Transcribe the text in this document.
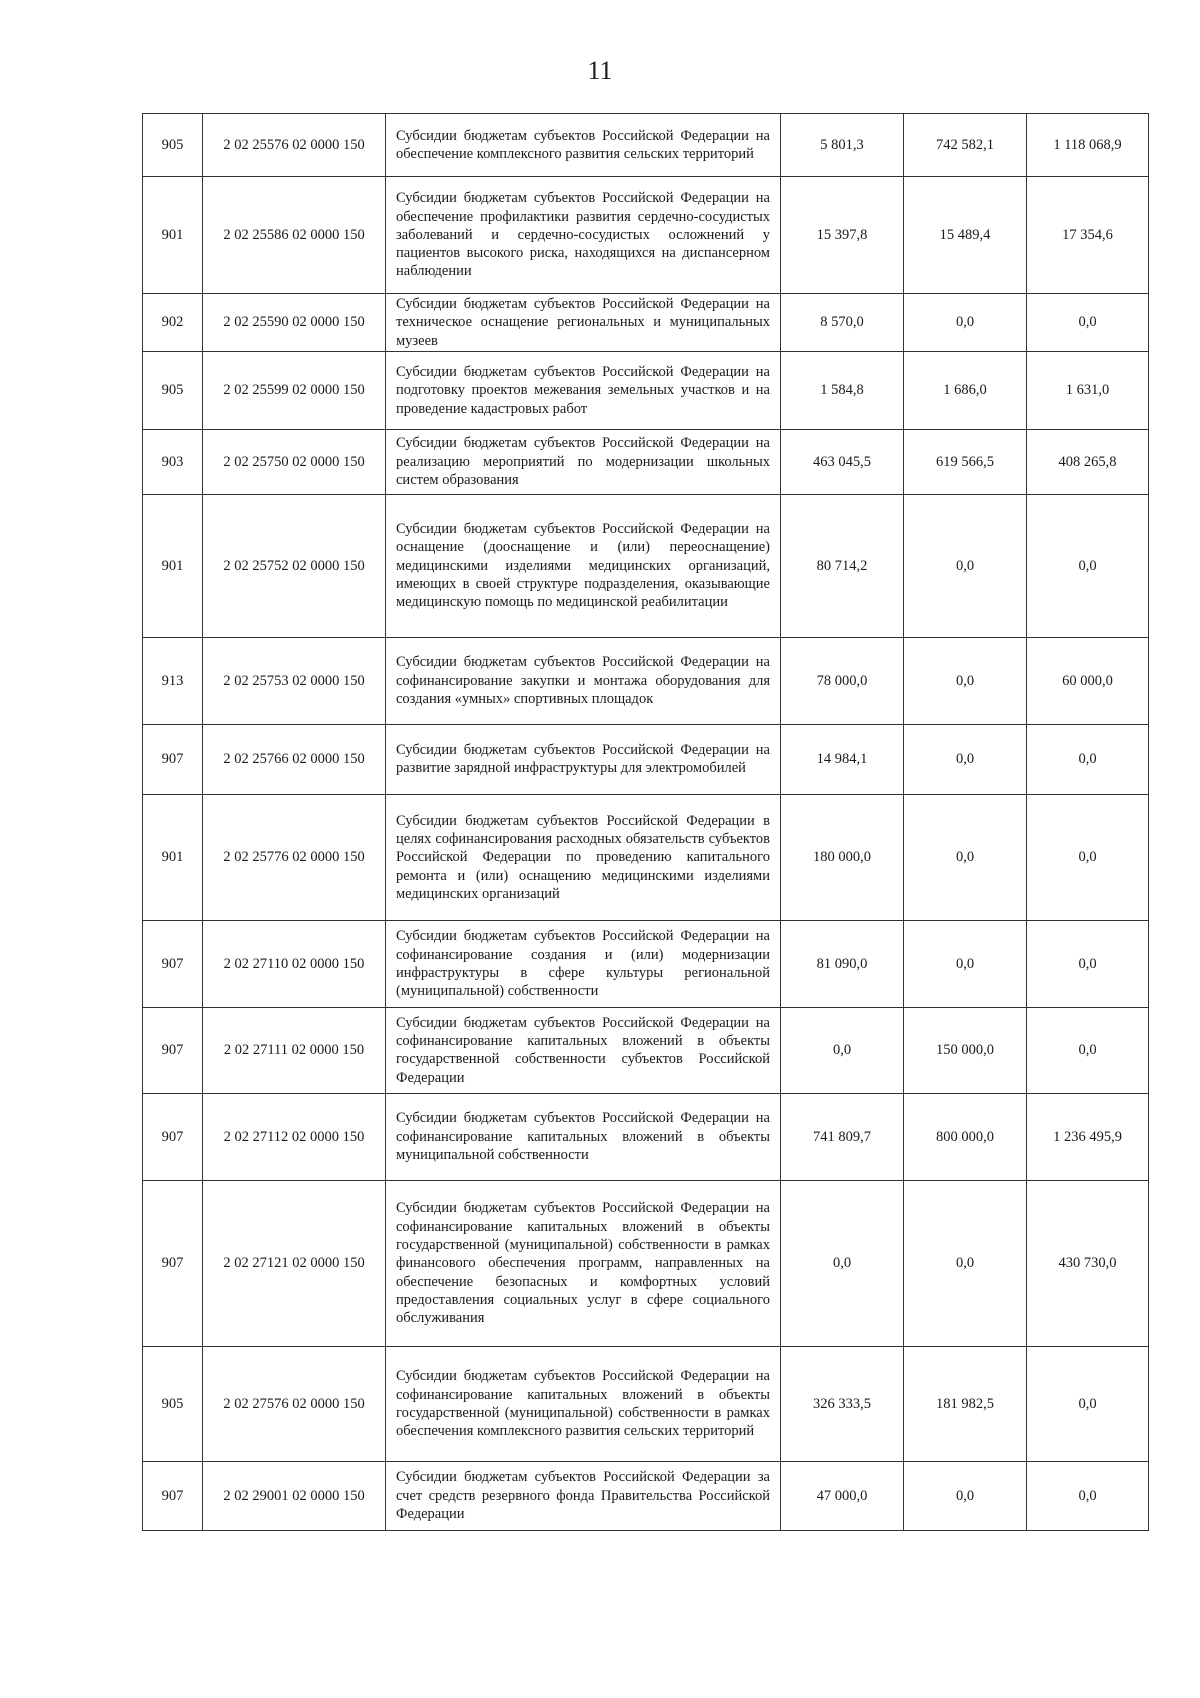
11
905	2 02 25576 02 0000 150	Субсидии бюджетам субъектов Российской Федерации на обеспечение комплексного развития сельских территорий	5 801,3	742 582,1	1 118 068,9
901	2 02 25586 02 0000 150	Субсидии бюджетам субъектов Российской Федерации на обеспечение профилактики развития сердечно-сосудистых заболеваний и сердечно-сосудистых осложнений у пациентов высокого риска, находящихся на диспансерном наблюдении	15 397,8	15 489,4	17 354,6
902	2 02 25590 02 0000 150	Субсидии бюджетам субъектов Российской Федерации на техническое оснащение региональных и муниципальных музеев	8 570,0	0,0	0,0
905	2 02 25599 02 0000 150	Субсидии бюджетам субъектов Российской Федерации на подготовку проектов межевания земельных участков и на проведение кадастровых работ	1 584,8	1 686,0	1 631,0
903	2 02 25750 02 0000 150	Субсидии бюджетам субъектов Российской Федерации на реализацию мероприятий по модернизации школьных систем образования	463 045,5	619 566,5	408 265,8
901	2 02 25752 02 0000 150	Субсидии бюджетам субъектов Российской Федерации на оснащение (дооснащение и (или) переоснащение) медицинскими изделиями медицинских организаций, имеющих в своей структуре подразделения, оказывающие медицинскую помощь по медицинской реабилитации	80 714,2	0,0	0,0
913	2 02 25753 02 0000 150	Субсидии бюджетам субъектов Российской Федерации на софинансирование закупки и монтажа оборудования для создания «умных» спортивных площадок	78 000,0	0,0	60 000,0
907	2 02 25766 02 0000 150	Субсидии бюджетам субъектов Российской Федерации на развитие зарядной инфраструктуры для электромобилей	14 984,1	0,0	0,0
901	2 02 25776 02 0000 150	Субсидии бюджетам субъектов Российской Федерации в целях софинансирования расходных обязательств субъектов Российской Федерации по проведению капитального ремонта и (или) оснащению медицинскими изделиями медицинских организаций	180 000,0	0,0	0,0
907	2 02 27110 02 0000 150	Субсидии бюджетам субъектов Российской Федерации на софинансирование создания и (или) модернизации инфраструктуры в сфере культуры региональной (муниципальной) собственности	81 090,0	0,0	0,0
907	2 02 27111 02 0000 150	Субсидии бюджетам субъектов Российской Федерации на софинансирование капитальных вложений в объекты государственной собственности субъектов Российской Федерации	0,0	150 000,0	0,0
907	2 02 27112 02 0000 150	Субсидии бюджетам субъектов Российской Федерации на софинансирование капитальных вложений в объекты муниципальной собственности	741 809,7	800 000,0	1 236 495,9
907	2 02 27121 02 0000 150	Субсидии бюджетам субъектов Российской Федерации на софинансирование капитальных вложений в объекты государственной (муниципальной) собственности в рамках финансового обеспечения программ, направленных на обеспечение безопасных и комфортных условий предоставления социальных услуг в сфере социального обслуживания	0,0	0,0	430 730,0
905	2 02 27576 02 0000 150	Субсидии бюджетам субъектов Российской Федерации на софинансирование капитальных вложений в объекты государственной (муниципальной) собственности в рамках обеспечения комплексного развития сельских территорий	326 333,5	181 982,5	0,0
907	2 02 29001 02 0000 150	Субсидии бюджетам субъектов Российской Федерации за счет средств резервного фонда Правительства Российской Федерации	47 000,0	0,0	0,0
